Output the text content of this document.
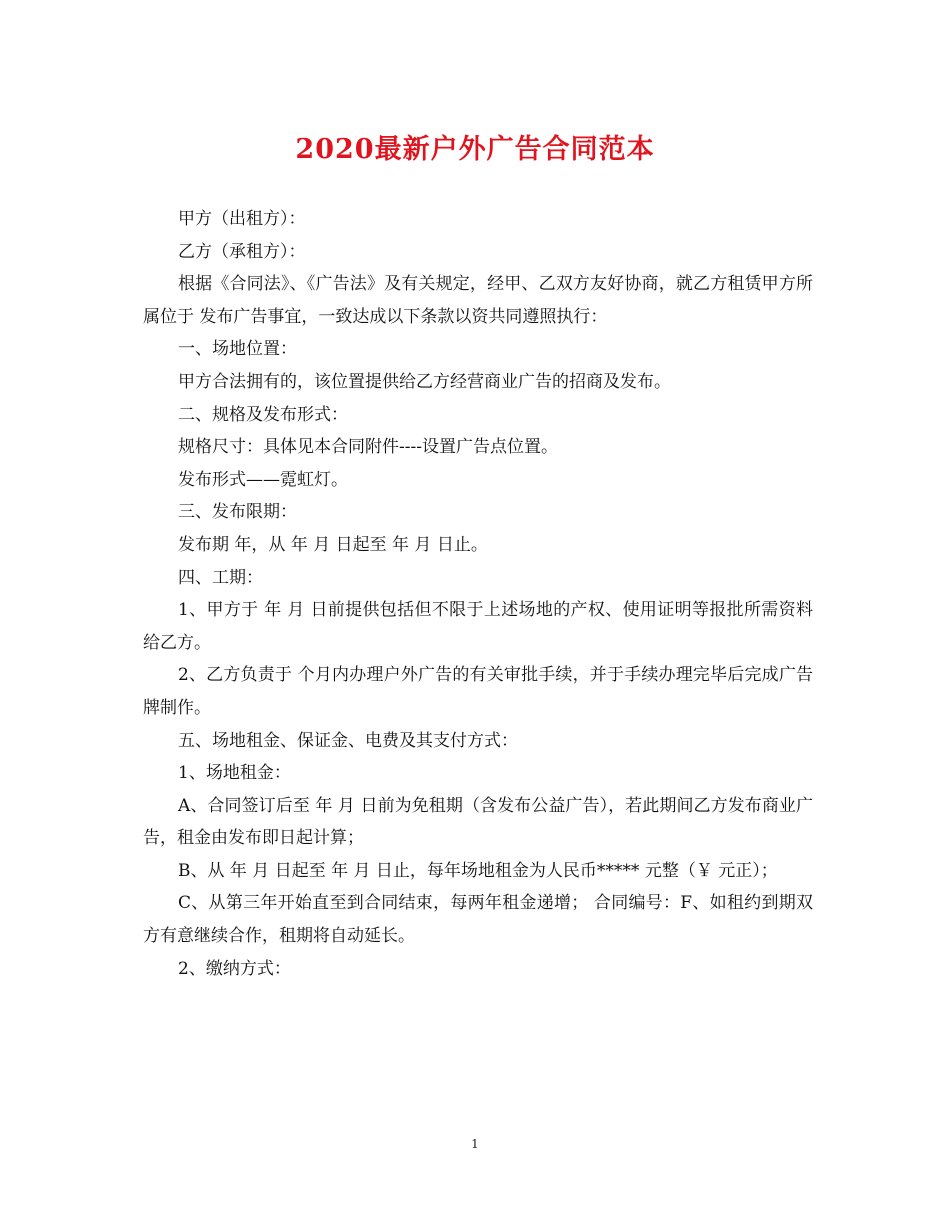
2020最新户外广告合同范本

甲方（出租方）：

乙方（承租方）：

根据《合同法》、《广告法》及有关规定，经甲、乙双方友好协商，就乙方租赁甲方所属位于 发布广告事宜，一致达成以下条款以资共同遵照执行：

一、场地位置：

甲方合法拥有的，该位置提供给乙方经营商业广告的招商及发布。

二、规格及发布形式：

规格尺寸：具体见本合同附件----设置广告点位置。

发布形式——霓虹灯。

三、发布限期：

发布期 年，从 年 月 日起至 年 月 日止。

四、工期：

1、甲方于 年 月 日前提供包括但不限于上述场地的产权、使用证明等报批所需资料给乙方。

2、乙方负责于 个月内办理户外广告的有关审批手续，并于手续办理完毕后完成广告牌制作。

五、场地租金、保证金、电费及其支付方式：

1、场地租金：

A、合同签订后至 年 月 日前为免租期（含发布公益广告），若此期间乙方发布商业广告，租金由发布即日起计算；

B、从 年 月 日起至 年 月 日止，每年场地租金为人民币***** 元整（￥ 元正）；

C、从第三年开始直至到合同结束，每两年租金递增； 合同编号：F、如租约到期双方有意继续合作，租期将自动延长。

2、缴纳方式：

1
